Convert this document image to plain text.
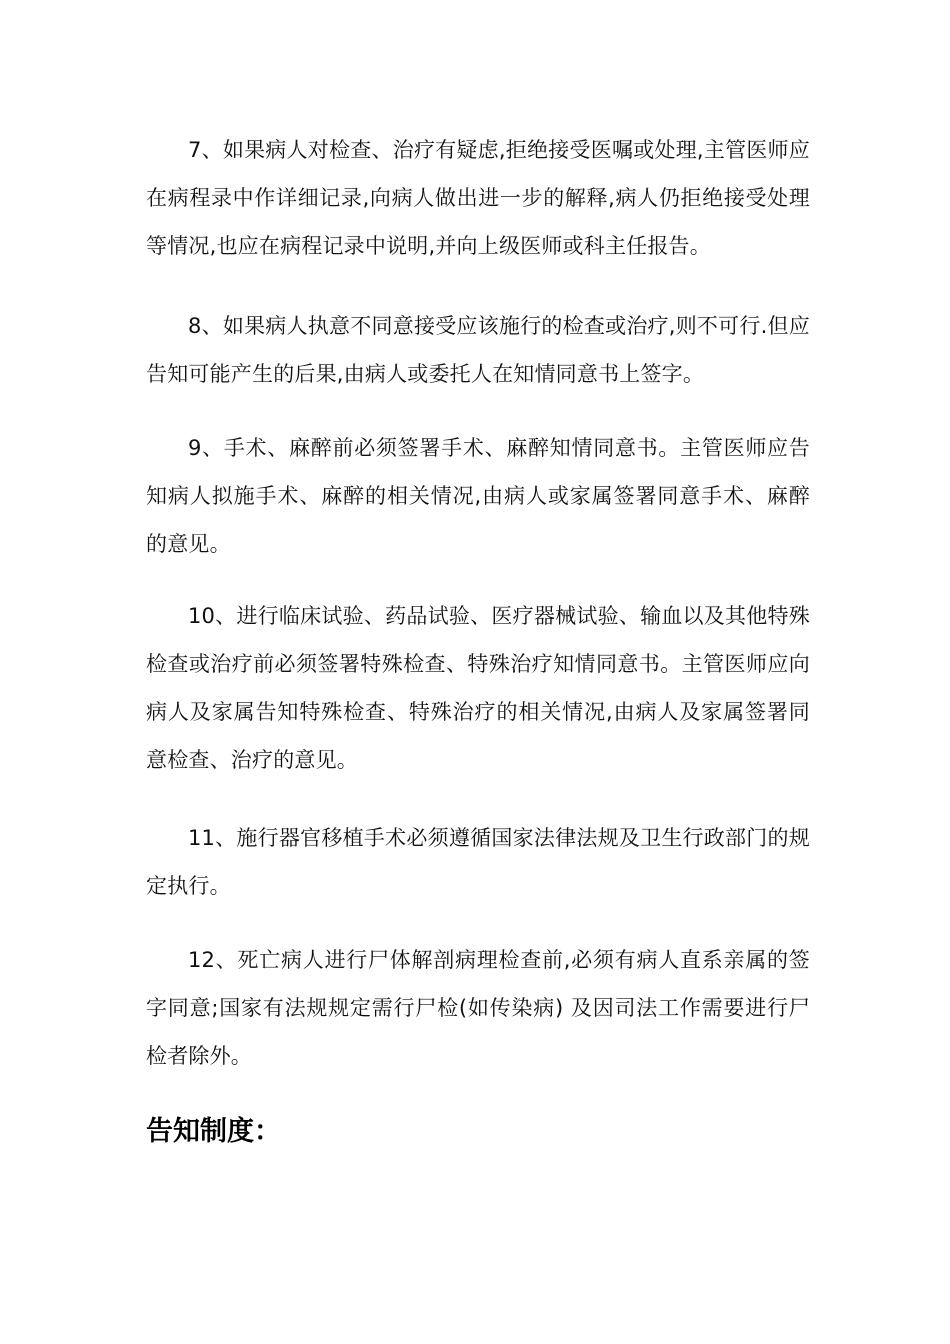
7、如果病人对检查、治疗有疑虑,拒绝接受医嘱或处理,主管医师应在病程录中作详细记录,向病人做出进一步的解释,病人仍拒绝接受处理等情况,也应在病程记录中说明,并向上级医师或科主任报告。

8、如果病人执意不同意接受应该施行的检查或治疗,则不可行.但应告知可能产生的后果,由病人或委托人在知情同意书上签字。

9、手术、麻醉前必须签署手术、麻醉知情同意书。主管医师应告知病人拟施手术、麻醉的相关情况,由病人或家属签署同意手术、麻醉的意见。

10、进行临床试验、药品试验、医疗器械试验、输血以及其他特殊检查或治疗前必须签署特殊检查、特殊治疗知情同意书。主管医师应向病人及家属告知特殊检查、特殊治疗的相关情况,由病人及家属签署同意检查、治疗的意见。

11、施行器官移植手术必须遵循国家法律法规及卫生行政部门的规定执行。

12、死亡病人进行尸体解剖病理检查前,必须有病人直系亲属的签字同意;国家有法规规定需行尸检(如传染病) 及因司法工作需要进行尸检者除外。

告知制度：
